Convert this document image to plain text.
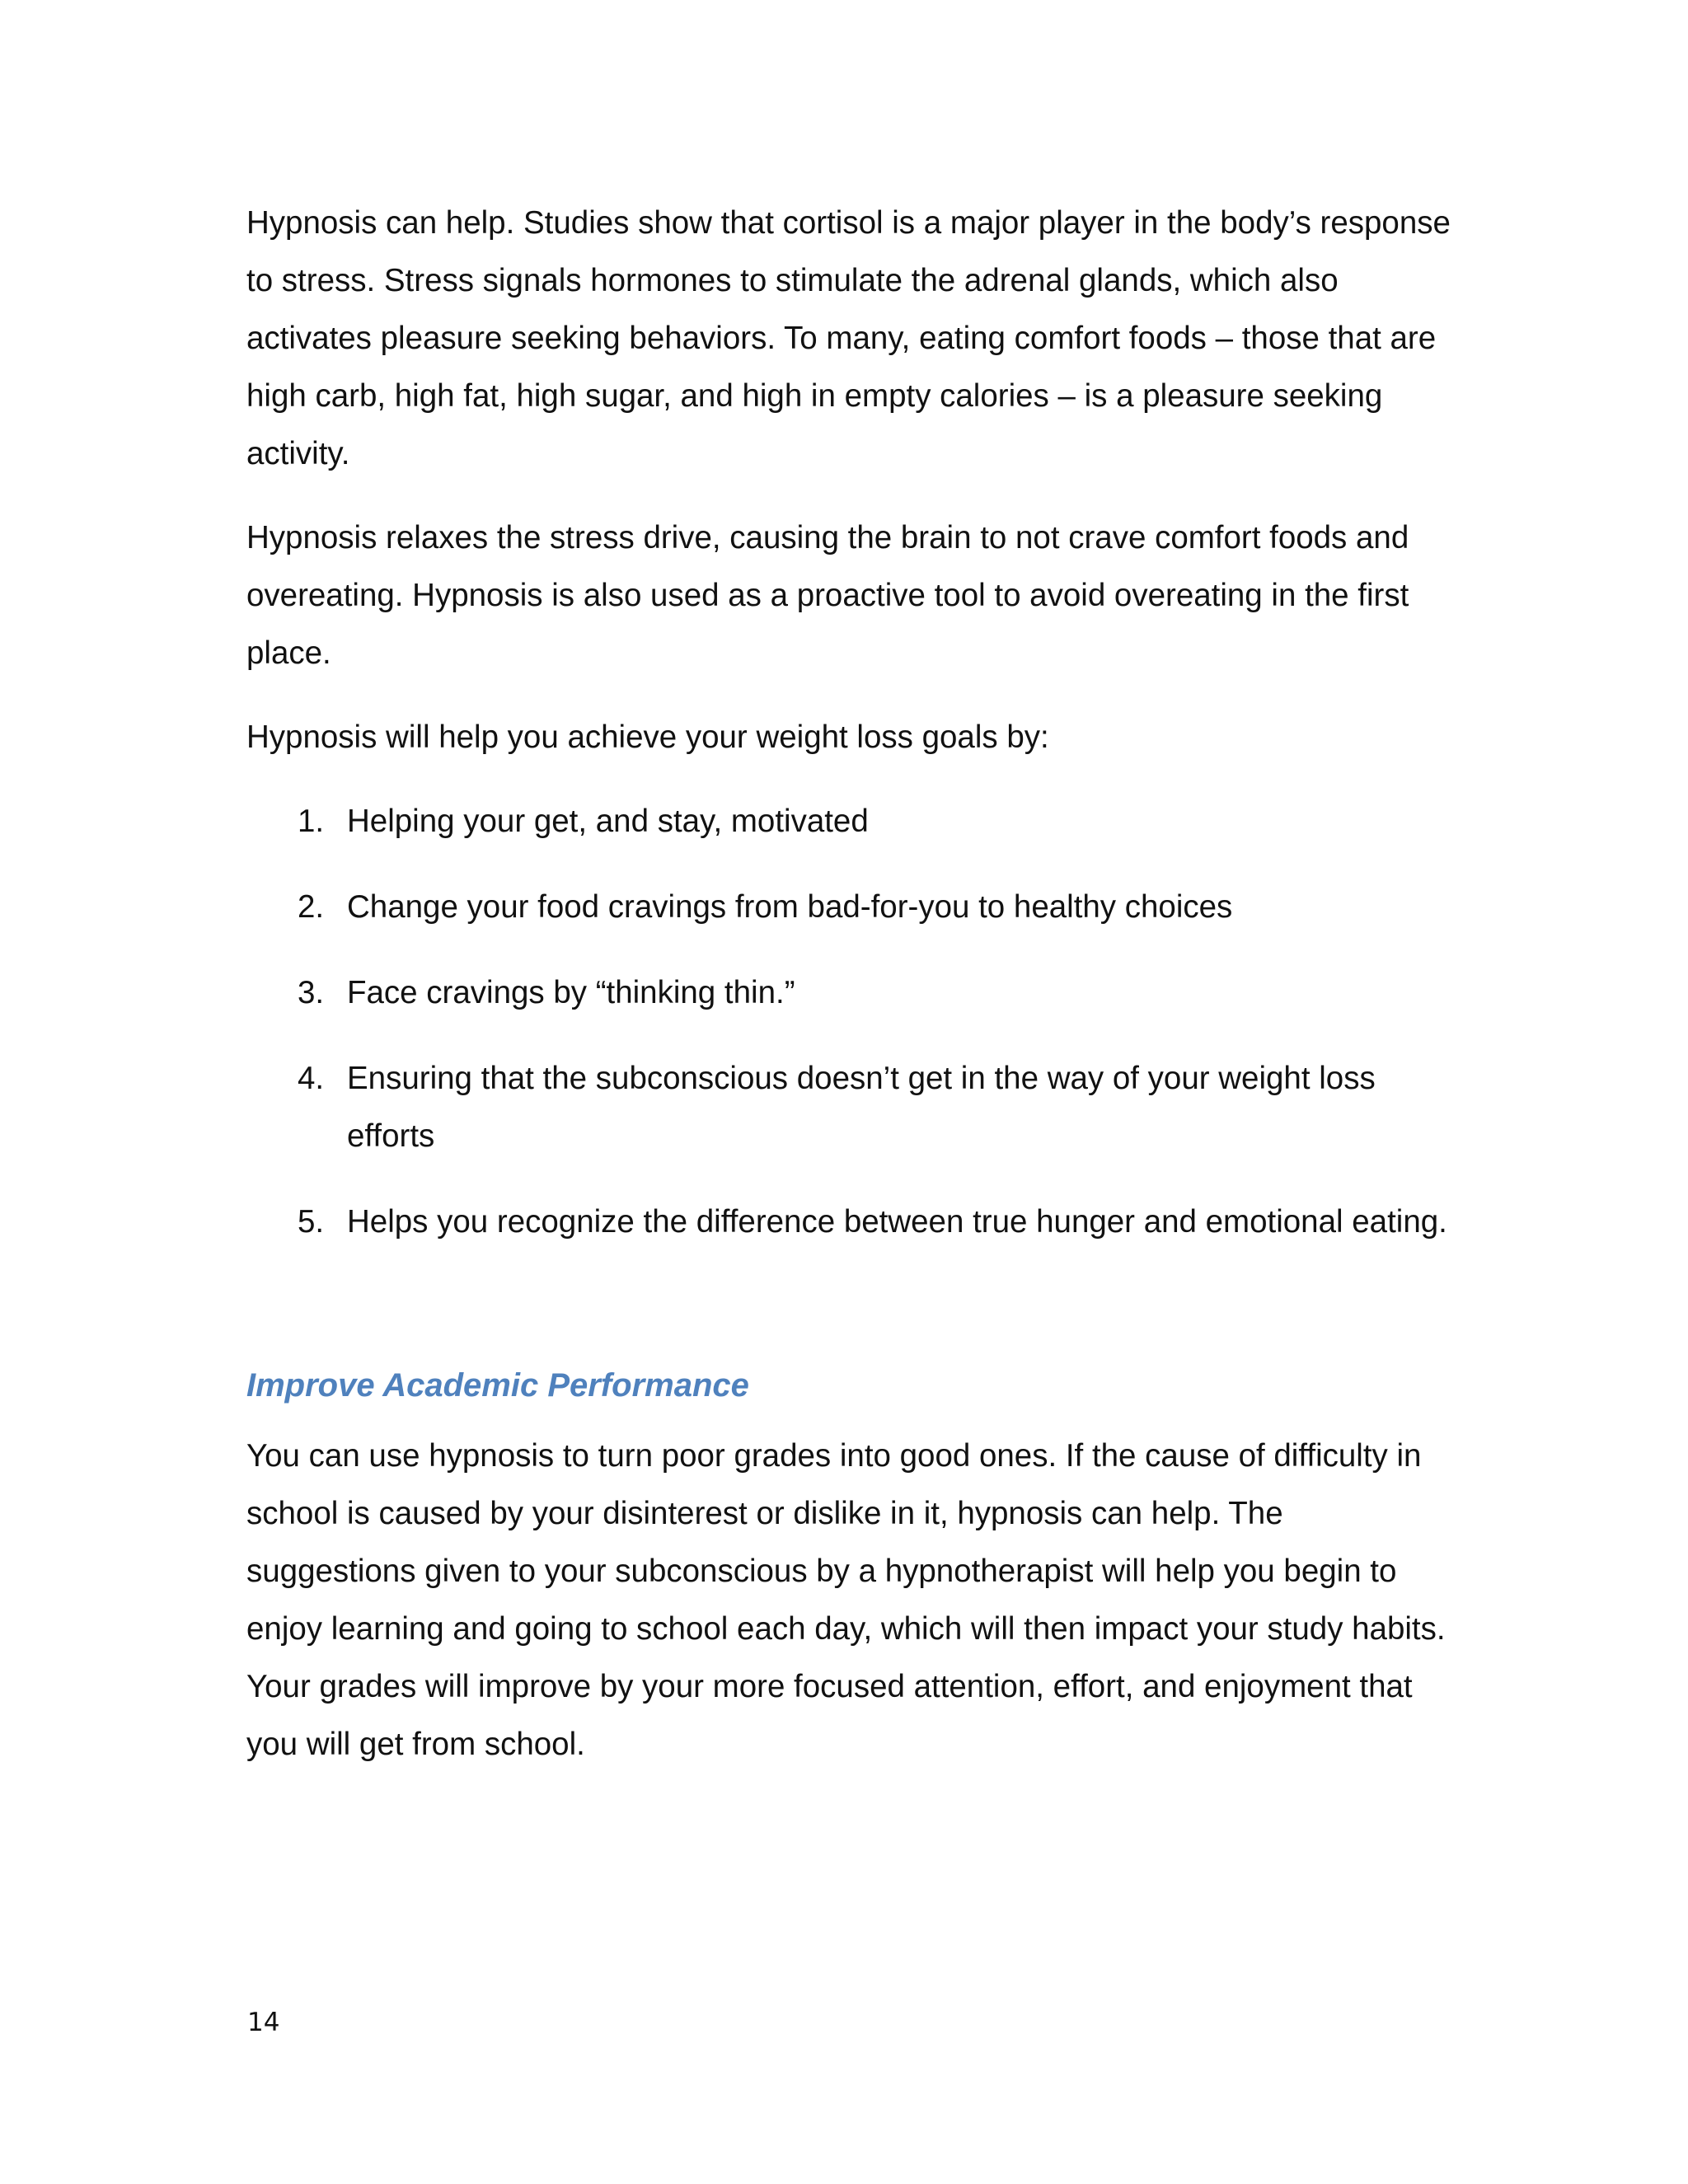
Hypnosis can help. Studies show that cortisol is a major player in the body’s response to stress. Stress signals hormones to stimulate the adrenal glands, which also activates pleasure seeking behaviors. To many, eating comfort foods – those that are high carb, high fat, high sugar, and high in empty calories – is a pleasure seeking activity.

Hypnosis relaxes the stress drive, causing the brain to not crave comfort foods and overeating. Hypnosis is also used as a proactive tool to avoid overeating in the first place.

Hypnosis will help you achieve your weight loss goals by:

1. Helping your get, and stay, motivated
2. Change your food cravings from bad-for-you to healthy choices
3. Face cravings by “thinking thin.”
4. Ensuring that the subconscious doesn’t get in the way of your weight loss efforts
5. Helps you recognize the difference between true hunger and emotional eating.
Improve Academic Performance

You can use hypnosis to turn poor grades into good ones. If the cause of difficulty in school is caused by your disinterest or dislike in it, hypnosis can help. The suggestions given to your subconscious by a hypnotherapist will help you begin to enjoy learning and going to school each day, which will then impact your study habits. Your grades will improve by your more focused attention, effort, and enjoyment that you will get from school.

14
